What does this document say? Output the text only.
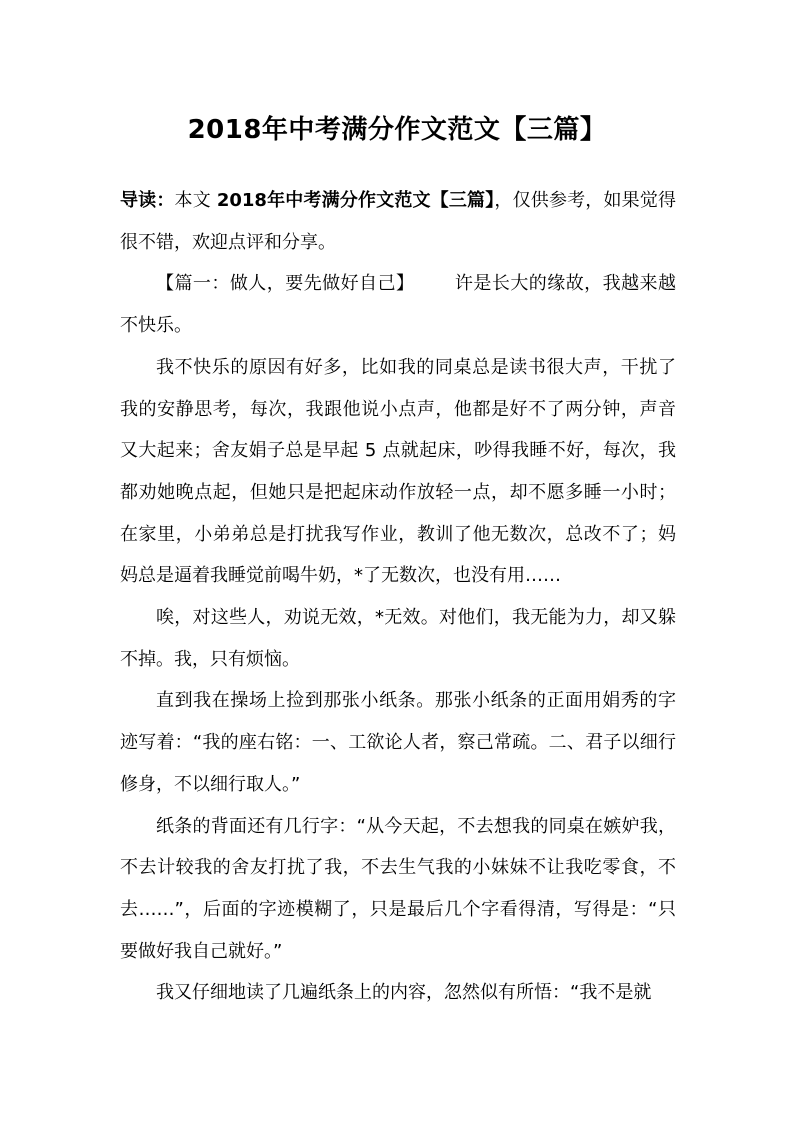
2018年中考满分作文范文【三篇】

导读：本文 2018年中考满分作文范文【三篇】，仅供参考，如果觉得很不错，欢迎点评和分享。

【篇一：做人，要先做好自己】 许是长大的缘故，我越来越不快乐。

我不快乐的原因有好多，比如我的同桌总是读书很大声，干扰了我的安静思考，每次，我跟他说小点声，他都是好不了两分钟，声音又大起来；舍友娟子总是早起 5 点就起床，吵得我睡不好，每次，我都劝她晚点起，但她只是把起床动作放轻一点，却不愿多睡一小时；在家里，小弟弟总是打扰我写作业，教训了他无数次，总改不了；妈妈总是逼着我睡觉前喝牛奶，*了无数次，也没有用……

唉，对这些人，劝说无效，*无效。对他们，我无能为力，却又躲不掉。我，只有烦恼。

直到我在操场上捡到那张小纸条。那张小纸条的正面用娟秀的字迹写着：“我的座右铭：一、工欲论人者，察己常疏。二、君子以细行修身，不以细行取人。”

纸条的背面还有几行字：“从今天起，不去想我的同桌在嫉妒我，不去计较我的舍友打扰了我，不去生气我的小妹妹不让我吃零食，不去……”，后面的字迹模糊了，只是最后几个字看得清，写得是：“只要做好我自己就好。”

我又仔细地读了几遍纸条上的内容，忽然似有所悟：“我不是就
